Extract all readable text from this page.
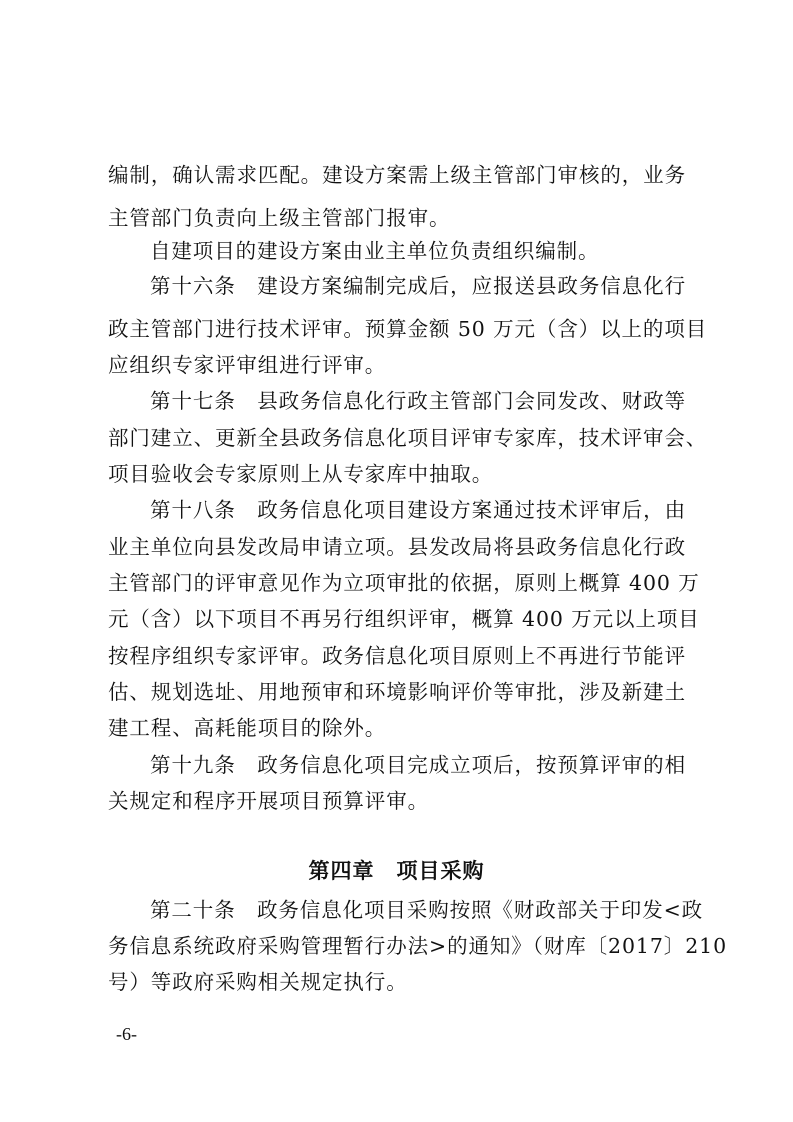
编制，确认需求匹配。建设方案需上级主管部门审核的，业务
主管部门负责向上级主管部门报审。
自建项目的建设方案由业主单位负责组织编制。
第十六条　建设方案编制完成后，应报送县政务信息化行
政主管部门进行技术评审。预算金额 50 万元（含）以上的项目
应组织专家评审组进行评审。
第十七条　县政务信息化行政主管部门会同发改、财政等
部门建立、更新全县政务信息化项目评审专家库，技术评审会、
项目验收会专家原则上从专家库中抽取。
第十八条　政务信息化项目建设方案通过技术评审后，由
业主单位向县发改局申请立项。县发改局将县政务信息化行政
主管部门的评审意见作为立项审批的依据，原则上概算 400 万
元（含）以下项目不再另行组织评审，概算 400 万元以上项目
按程序组织专家评审。政务信息化项目原则上不再进行节能评
估、规划选址、用地预审和环境影响评价等审批，涉及新建土
建工程、高耗能项目的除外。
第十九条　政务信息化项目完成立项后，按预算评审的相
关规定和程序开展项目预算评审。
第四章　项目采购
第二十条　政务信息化项目采购按照《财政部关于印发<政
务信息系统政府采购管理暂行办法>的通知》（财库〔2017〕210
号）等政府采购相关规定执行。
-6-
